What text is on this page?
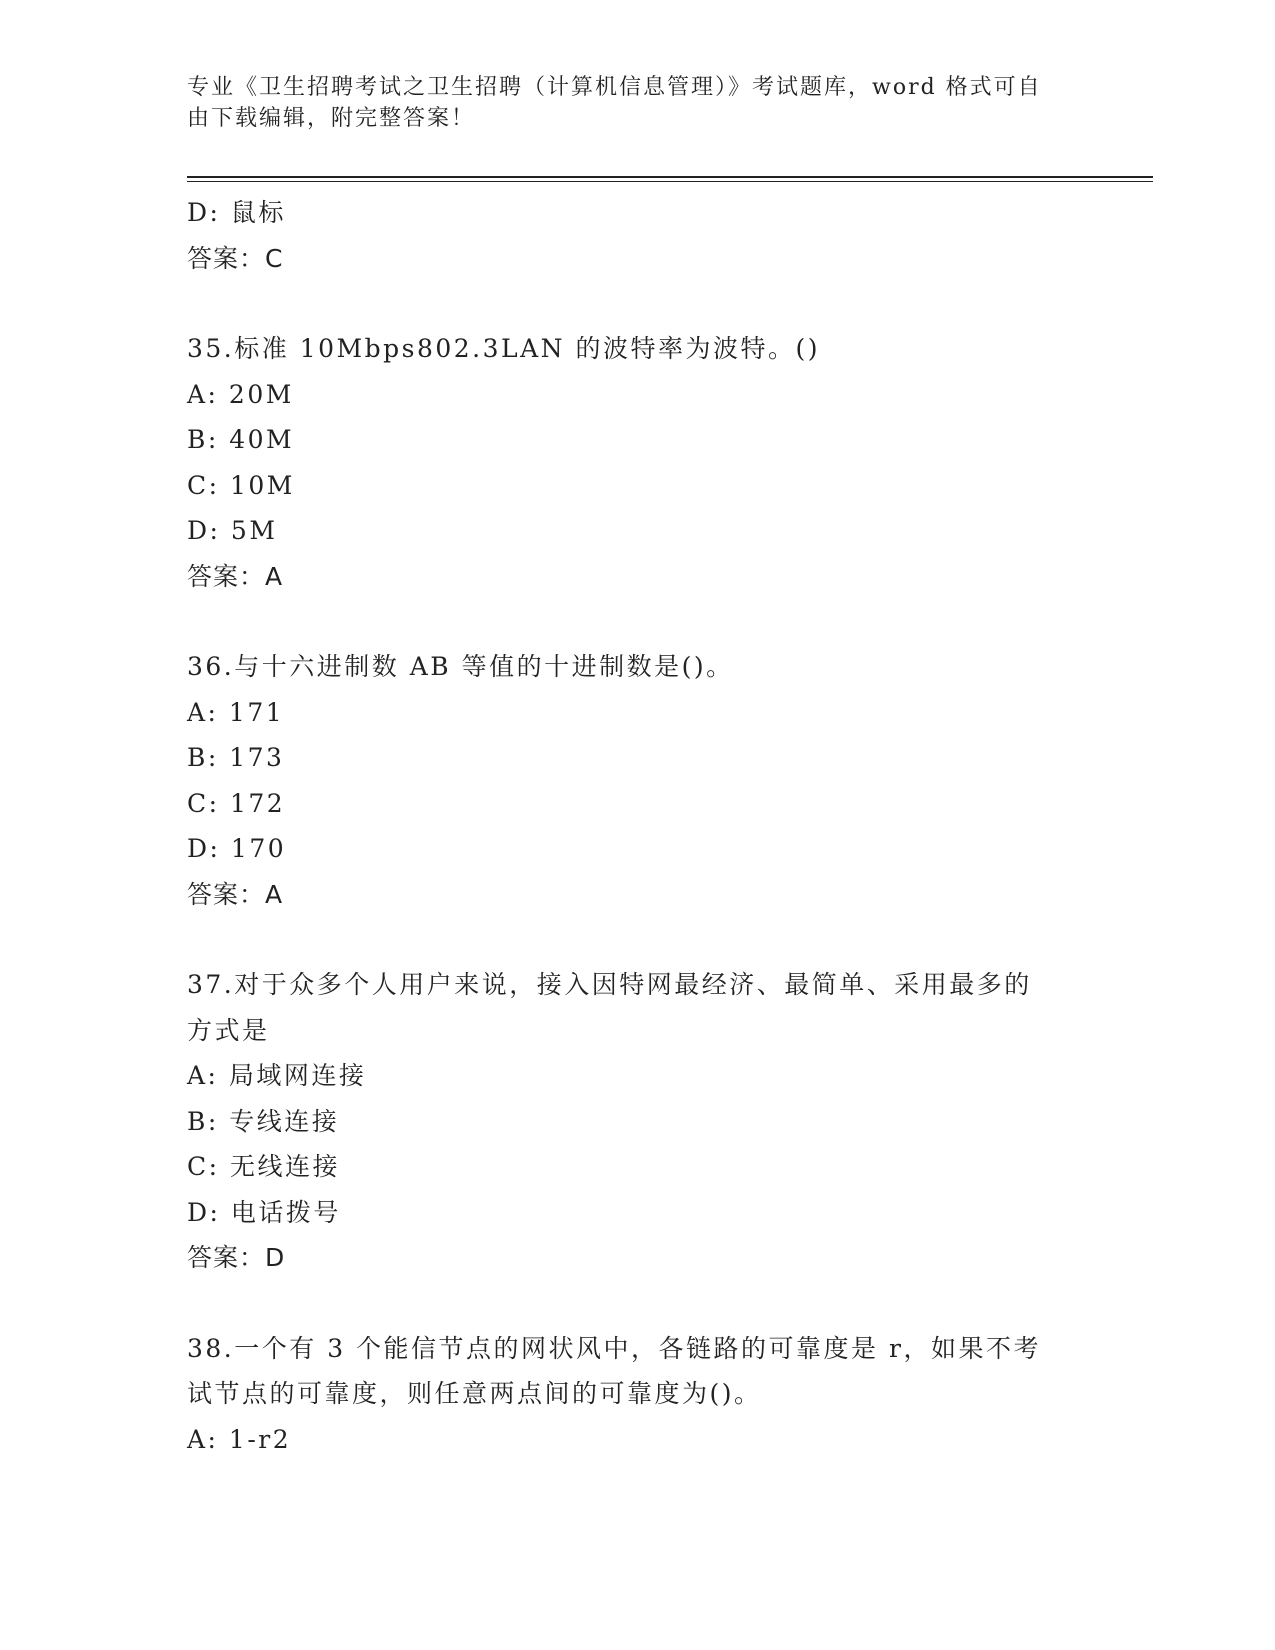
专业《卫生招聘考试之卫生招聘（计算机信息管理）》考试题库，word 格式可自
由下载编辑，附完整答案！
D: 鼠标
答案：C
35.标准 10Mbps802.3LAN 的波特率为波特。()
A: 20M
B: 40M
C: 10M
D: 5M
答案：A
36.与十六进制数 AB 等值的十进制数是()。
A: 171
B: 173
C: 172
D: 170
答案：A
37.对于众多个人用户来说，接入因特网最经济、最简单、采用最多的
方式是
A: 局域网连接
B: 专线连接
C: 无线连接
D: 电话拨号
答案：D
38.一个有 3 个能信节点的网状风中，各链路的可靠度是 r，如果不考
试节点的可靠度，则任意两点间的可靠度为()。
A: 1-r2
